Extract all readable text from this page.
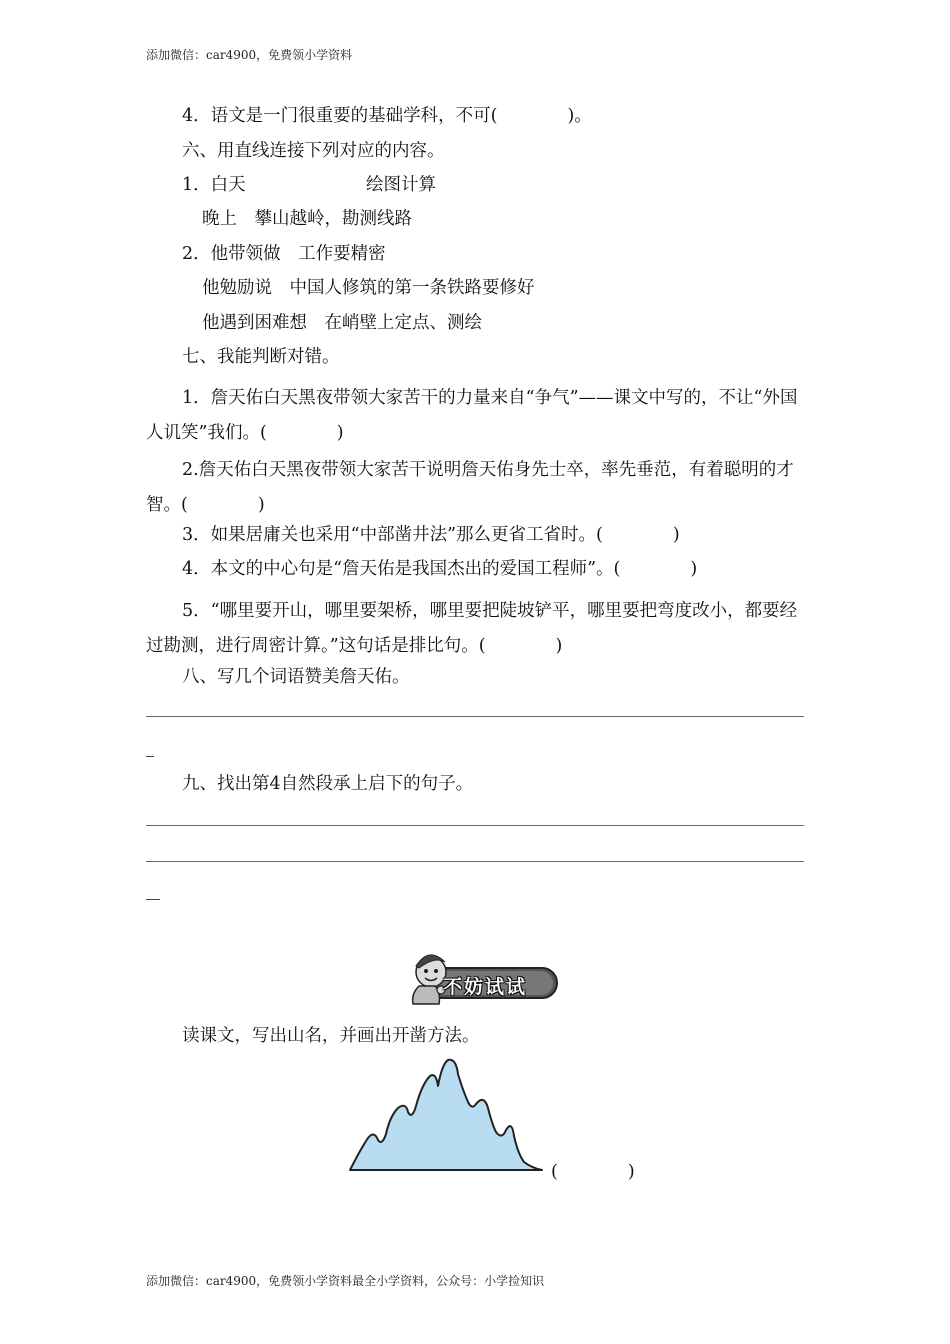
添加微信：car4900，免费领小学资料
4．语文是一门很重要的基础学科，不可(　　　　)。
六、用直线连接下列对应的内容。
1．白天	绘图计算
晚上　攀山越岭，勘测线路
2．他带领做　工作要精密
他勉励说　中国人修筑的第一条铁路要修好
他遇到困难想　在峭壁上定点、测绘
七、我能判断对错。
1．詹天佑白天黑夜带领大家苦干的力量来自“争气”——课文中写的，不让“外国人讥笑”我们。(　　　　)
2.詹天佑白天黑夜带领大家苦干说明詹天佑身先士卒，率先垂范，有着聪明的才智。(　　　　)
3．如果居庸关也采用“中部凿井法”那么更省工省时。(　　　　)
4．本文的中心句是“詹天佑是我国杰出的爱国工程师”。(　　　　)
5．“哪里要开山，哪里要架桥，哪里要把陡坡铲平，哪里要把弯度改小，都要经过勘测，进行周密计算。”这句话是排比句。(　　　　)
八、写几个词语赞美詹天佑。
九、找出第4自然段承上启下的句子。
不妨试试
读课文，写出山名，并画出开凿方法。
(　　　　)
添加微信：car4900，免费领小学资料最全小学资料，公众号：小学捡知识
